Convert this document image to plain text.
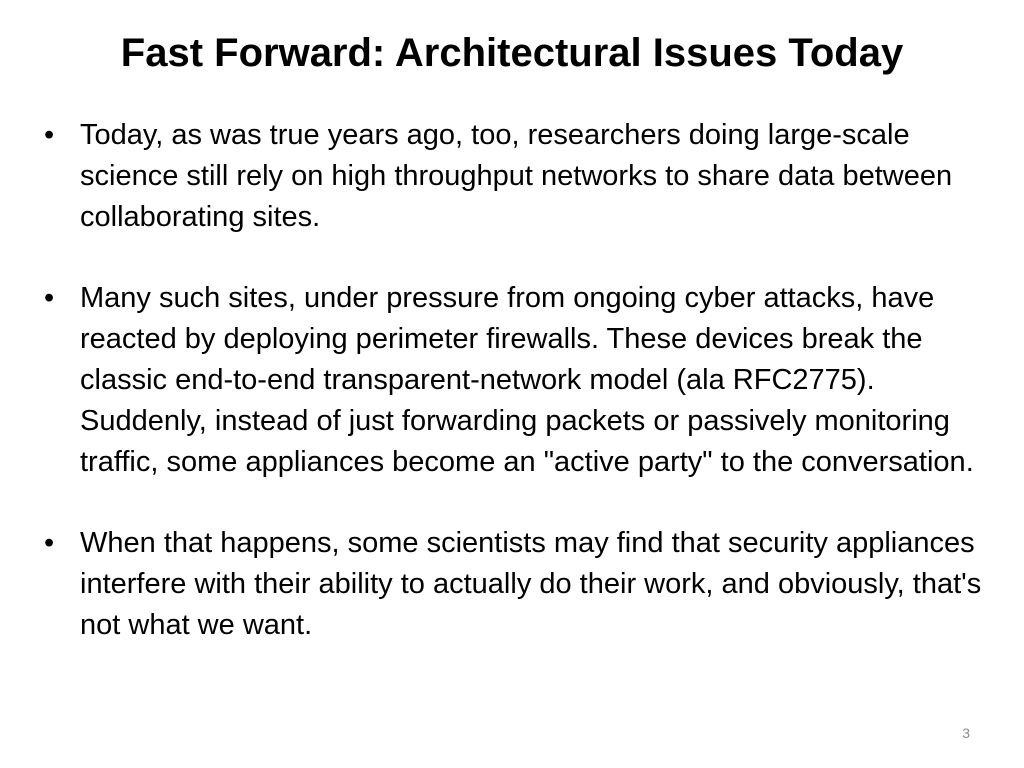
Fast Forward: Architectural Issues Today
• Today, as was true years ago, too, researchers doing large-scale science still rely on high throughput networks to share data between collaborating sites.
• Many such sites, under pressure from ongoing cyber attacks, have reacted by deploying perimeter firewalls. These devices break the classic end-to-end transparent-network model (ala RFC2775). Suddenly, instead of just forwarding packets or passively monitoring traffic, some appliances become an "active party" to the conversation.
• When that happens, some scientists may find that security appliances interfere with their ability to actually do their work, and obviously, that's not what we want.
3
